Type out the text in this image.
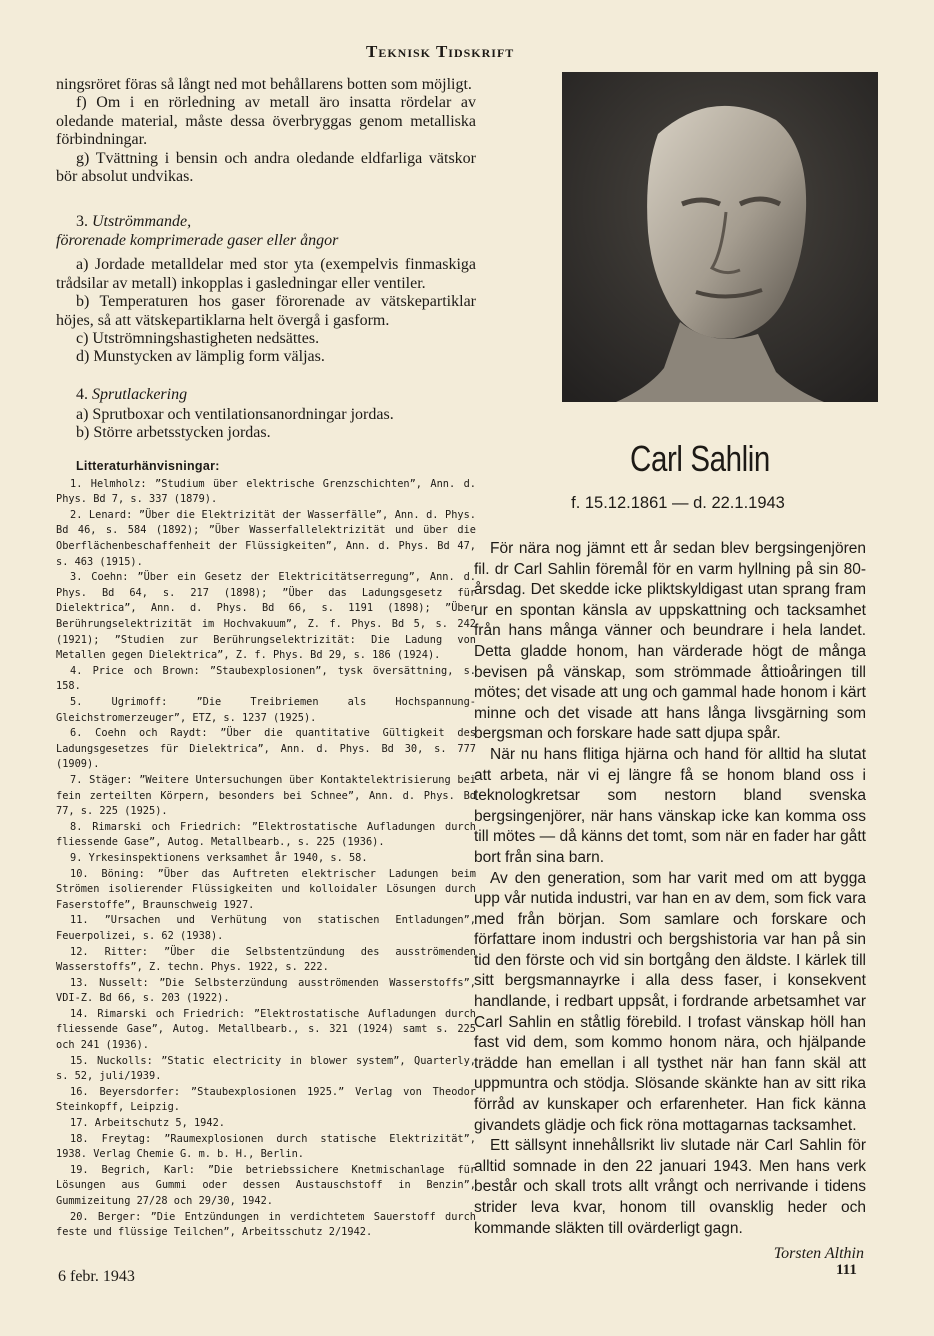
Teknisk Tidskrift

ningsröret föras så långt ned mot behållarens botten som möjligt.

f) Om i en rörledning av metall äro insatta rördelar av oledande material, måste dessa överbryggas genom metalliska förbindningar.

g) Tvättning i bensin och andra oledande eldfarliga vätskor bör absolut undvikas.

3. Utströmmande,
förorenade komprimerade gaser eller ångor

a) Jordade metalldelar med stor yta (exempelvis finmaskiga trådsilar av metall) inkopplas i gasledningar eller ventiler.

b) Temperaturen hos gaser förorenade av vätskepartiklar höjes, så att vätskepartiklarna helt övergå i gasform.

c) Utströmningshastigheten nedsättes.

d) Munstycken av lämplig form väljas.

4. Sprutlackering

a) Sprutboxar och ventilationsanordningar jordas.

b) Större arbetsstycken jordas.

Litteraturhänvisningar:

1. Helmholz: ”Studium über elektrische Grenzschichten”, Ann. d. Phys. Bd 7, s. 337 (1879).

2. Lenard: ”Über die Elektrizität der Wasserfälle”, Ann. d. Phys. Bd 46, s. 584 (1892); ”Über Wasserfallelektrizität und über die Oberflächenbeschaffenheit der Flüssigkeiten”, Ann. d. Phys. Bd 47, s. 463 (1915).

3. Coehn: ”Über ein Gesetz der Elektricitätserregung”, Ann. d. Phys. Bd 64, s. 217 (1898); ”Über das Ladungsgesetz für Dielektrica”, Ann. d. Phys. Bd 66, s. 1191 (1898); ”Über Berührungselektrizität im Hochvakuum”, Z. f. Phys. Bd 5, s. 242 (1921); ”Studien zur Berührungselektrizität: Die Ladung von Metallen gegen Dielektrica”, Z. f. Phys. Bd 29, s. 186 (1924).

4. Price och Brown: ”Staubexplosionen”, tysk översättning, s. 158.

5. Ugrimoff: ”Die Treibriemen als Hochspannung-Gleichstromerzeuger”, ETZ, s. 1237 (1925).

6. Coehn och Raydt: ”Über die quantitative Gültigkeit des Ladungsgesetzes für Dielektrica”, Ann. d. Phys. Bd 30, s. 777 (1909).

7. Stäger: ”Weitere Untersuchungen über Kontaktelektrisierung bei fein zerteilten Körpern, besonders bei Schnee”, Ann. d. Phys. Bd 77, s. 225 (1925).

8. Rimarski och Friedrich: ”Elektrostatische Aufladungen durch fliessende Gase”, Autog. Metallbearb., s. 225 (1936).

9. Yrkesinspektionens verksamhet år 1940, s. 58.

10. Böning: ”Über das Auftreten elektrischer Ladungen beim Strömen isolierender Flüssigkeiten und kolloidaler Lösungen durch Faserstoffe”, Braunschweig 1927.

11. ”Ursachen und Verhütung von statischen Entladungen”, Feuerpolizei, s. 62 (1938).

12. Ritter: ”Über die Selbstentzündung des ausströmenden Wasserstoffs”, Z. techn. Phys. 1922, s. 222.

13. Nusselt: ”Die Selbsterzündung ausströmenden Wasserstoffs”, VDI-Z. Bd 66, s. 203 (1922).

14. Rimarski och Friedrich: ”Elektrostatische Aufladungen durch fliessende Gase”, Autog. Metallbearb., s. 321 (1924) samt s. 225 och 241 (1936).

15. Nuckolls: ”Static electricity in blower system”, Quarterly, s. 52, juli/1939.

16. Beyersdorfer: ”Staubexplosionen 1925.” Verlag von Theodor Steinkopff, Leipzig.

17. Arbeitschutz 5, 1942.

18. Freytag: ”Raumexplosionen durch statische Elektrizität”, 1938. Verlag Chemie G. m. b. H., Berlin.

19. Begrich, Karl: ”Die betriebssichere Knetmischanlage für Lösungen aus Gummi oder dessen Austauschstoff in Benzin”, Gummizeitung 27/28 och 29/30, 1942.

20. Berger: ”Die Entzündungen in verdichtetem Sauerstoff durch feste und flüssige Teilchen”, Arbeitsschutz 2/1942.

Carl Sahlin
f. 15.12.1861 — d. 22.1.1943

För nära nog jämnt ett år sedan blev bergsingenjören fil. dr Carl Sahlin föremål för en varm hyllning på sin 80-årsdag. Det skedde icke pliktskyldigast utan sprang fram ur en spontan känsla av uppskattning och tacksamhet från hans många vänner och beundrare i hela landet. Detta gladde honom, han värderade högt de många bevisen på vänskap, som strömmade åttioåringen till mötes; det visade att ung och gammal hade honom i kärt minne och det visade att hans långa livsgärning som bergsman och forskare hade satt djupa spår.

När nu hans flitiga hjärna och hand för alltid ha slutat att arbeta, när vi ej längre få se honom bland oss i teknologkretsar som nestorn bland svenska bergsingenjörer, när hans vänskap icke kan komma oss till mötes — då känns det tomt, som när en fader har gått bort från sina barn.

Av den generation, som har varit med om att bygga upp vår nutida industri, var han en av dem, som fick vara med från början. Som samlare och forskare och författare inom industri och bergshistoria var han på sin tid den förste och vid sin bortgång den äldste. I kärlek till sitt bergsmannayrke i alla dess faser, i konsekvent handlande, i redbart uppsåt, i fordrande arbetsamhet var Carl Sahlin en ståtlig förebild. I trofast vänskap höll han fast vid dem, som kommo honom nära, och hjälpande trädde han emellan i all tysthet när han fann skäl att uppmuntra och stödja. Slösande skänkte han av sitt rika förråd av kunskaper och erfarenheter. Han fick känna givandets glädje och fick röna mottagarnas tacksamhet.

Ett sällsynt innehållsrikt liv slutade när Carl Sahlin för alltid somnade in den 22 januari 1943. Men hans verk består och skall trots allt vrångt och nerrivande i tidens strider leva kvar, honom till ovansklig heder och kommande släkten till ovärderligt gagn.

Torsten Althin
6 febr. 1943	111
